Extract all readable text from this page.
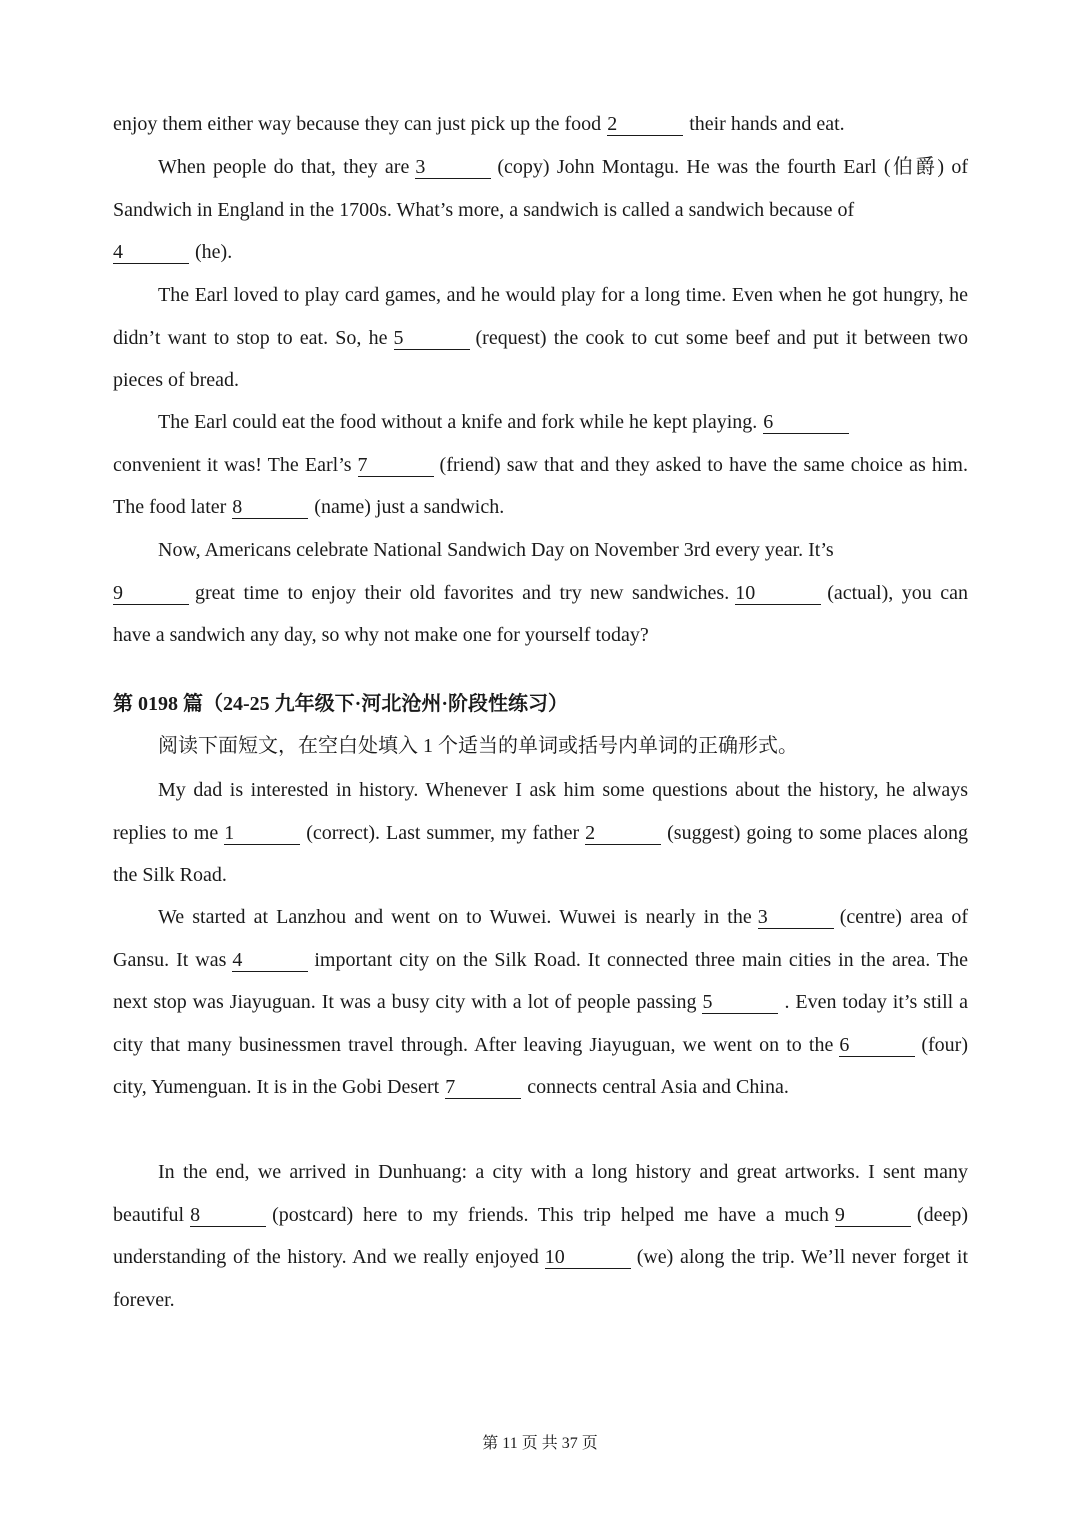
enjoy them either way because they can just pick up the food 2	their hands and eat.

When people do that, they are 3	(copy) John Montagu. He was the fourth Earl (伯爵) of Sandwich in England in the 1700s. What’s more, a sandwich is called a sandwich because of
4	(he).

The Earl loved to play card games, and he would play for a long time. Even when he got hungry, he didn’t want to stop to eat. So, he 5	(request) the cook to cut some beef and put it between two pieces of bread.

The Earl could eat the food without a knife and fork while he kept playing. 6
convenient it was! The Earl’s 7	(friend) saw that and they asked to have the same choice as him. The food later 8	(name) just a sandwich.

Now, Americans celebrate National Sandwich Day on November 3rd every year. It’s
9	great time to enjoy their old favorites and try new sandwiches. 10	(actual), you can have a sandwich any day, so why not make one for yourself today?

第 0198 篇（24-25 九年级下·河北沧州·阶段性练习）

阅读下面短文，在空白处填入 1 个适当的单词或括号内单词的正确形式。

My dad is interested in history. Whenever I ask him some questions about the history, he always replies to me 1	(correct). Last summer, my father 2	(suggest) going to some places along the Silk Road.

We started at Lanzhou and went on to Wuwei. Wuwei is nearly in the 3	(centre) area of Gansu. It was 4	important city on the Silk Road. It connected three main cities in the area. The next stop was Jiayuguan. It was a busy city with a lot of people passing 5	. Even today it’s still a city that many businessmen travel through. After leaving Jiayuguan, we went on to the 6	(four) city, Yumenguan. It is in the Gobi Desert 7	connects central Asia and China.

In the end, we arrived in Dunhuang: a city with a long history and great artworks. I sent many beautiful 8	(postcard) here to my friends. This trip helped me have a much 9	(deep) understanding of the history. And we really enjoyed 10	(we) along the trip. We’ll never forget it forever.

第 11 页 共 37 页
